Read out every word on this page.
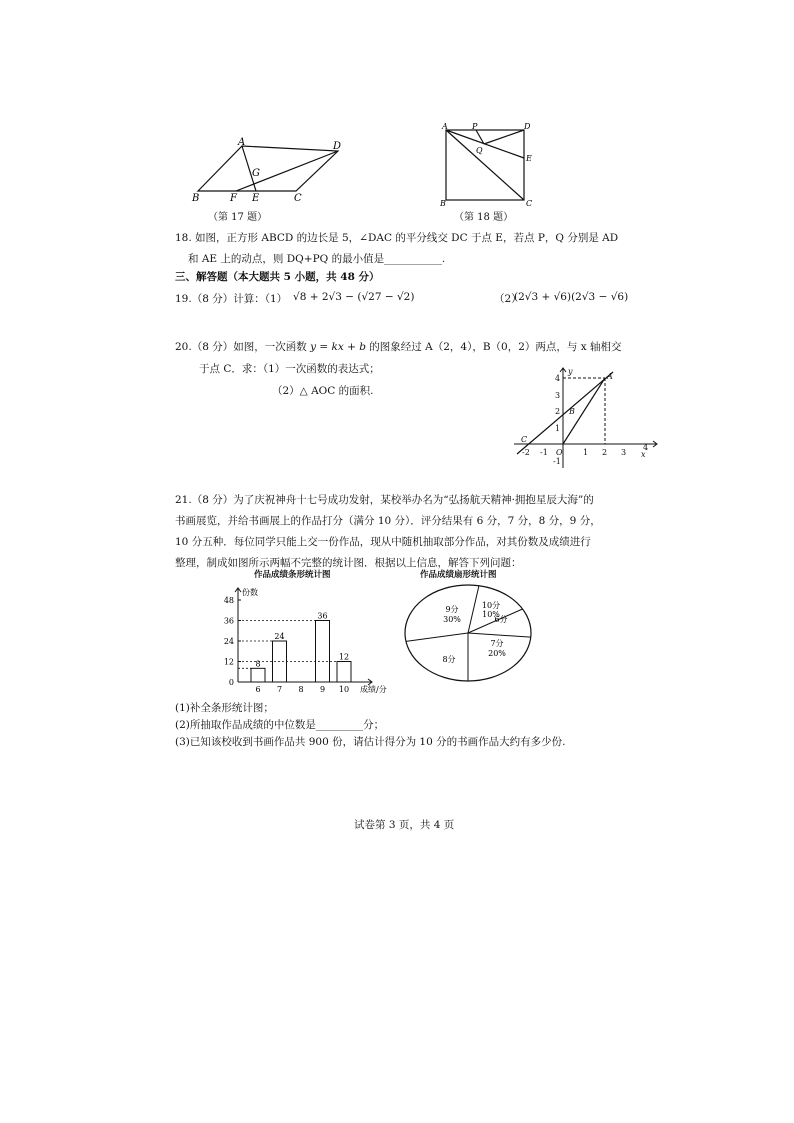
A
B	C
D
E
F
G
（第 17 题）
A
B	C
D
E
P
Q
（第 18 题）
18. 如图，正方形 ABCD 的边长是 5，∠DAC 的平分线交 DC 于点 E，若点 P，Q 分别是 AD
和 AE 上的动点，则 DQ+PQ 的最小值是___________.
三、解答题（本大题共 5 小题，共 48 分）
19.（8 分）计算：（1） √8 + 2√3 − (√27 − √2)	（2）
(2√3 + √6)(2√3 − √6)
20.（8 分）如图，一次函数 y = kx + b 的图象经过 A（2，4），B（0，2）两点，与 x 轴相交
于点 C．求：（1）一次函数的表达式；
（2）△ AOC 的面积.
x
y
A
B
C
O
-2 -1	1 2 3
4
4
3
2
1
-1
21.（8 分）为了庆祝神舟十七号成功发射，某校举办名为“弘扬航天精神·拥抱星辰大海”的
书画展览，并给书画展上的作品打分（满分 10 分）．评分结果有 6 分，7 分，8 分，9 分，
10 分五种．每位同学只能上交一份作品，现从中随机抽取部分作品，对其份数及成绩进行
整理，制成如图所示两幅不完整的统计图．根据以上信息，解答下列问题：
作品成绩条形统计图
份数
成绩/分
0
12
24
36
48
6
8
7
24
8 9
36
10
12
作品成绩扇形统计图
9分
30%
10分
10%
6分
7分
20%
8分
(1)补全条形统计图；
(2)所抽取作品成绩的中位数是_________分；
(3)已知该校收到书画作品共 900 份，请估计得分为 10 分的书画作品大约有多少份.
试卷第 3 页，共 4 页
